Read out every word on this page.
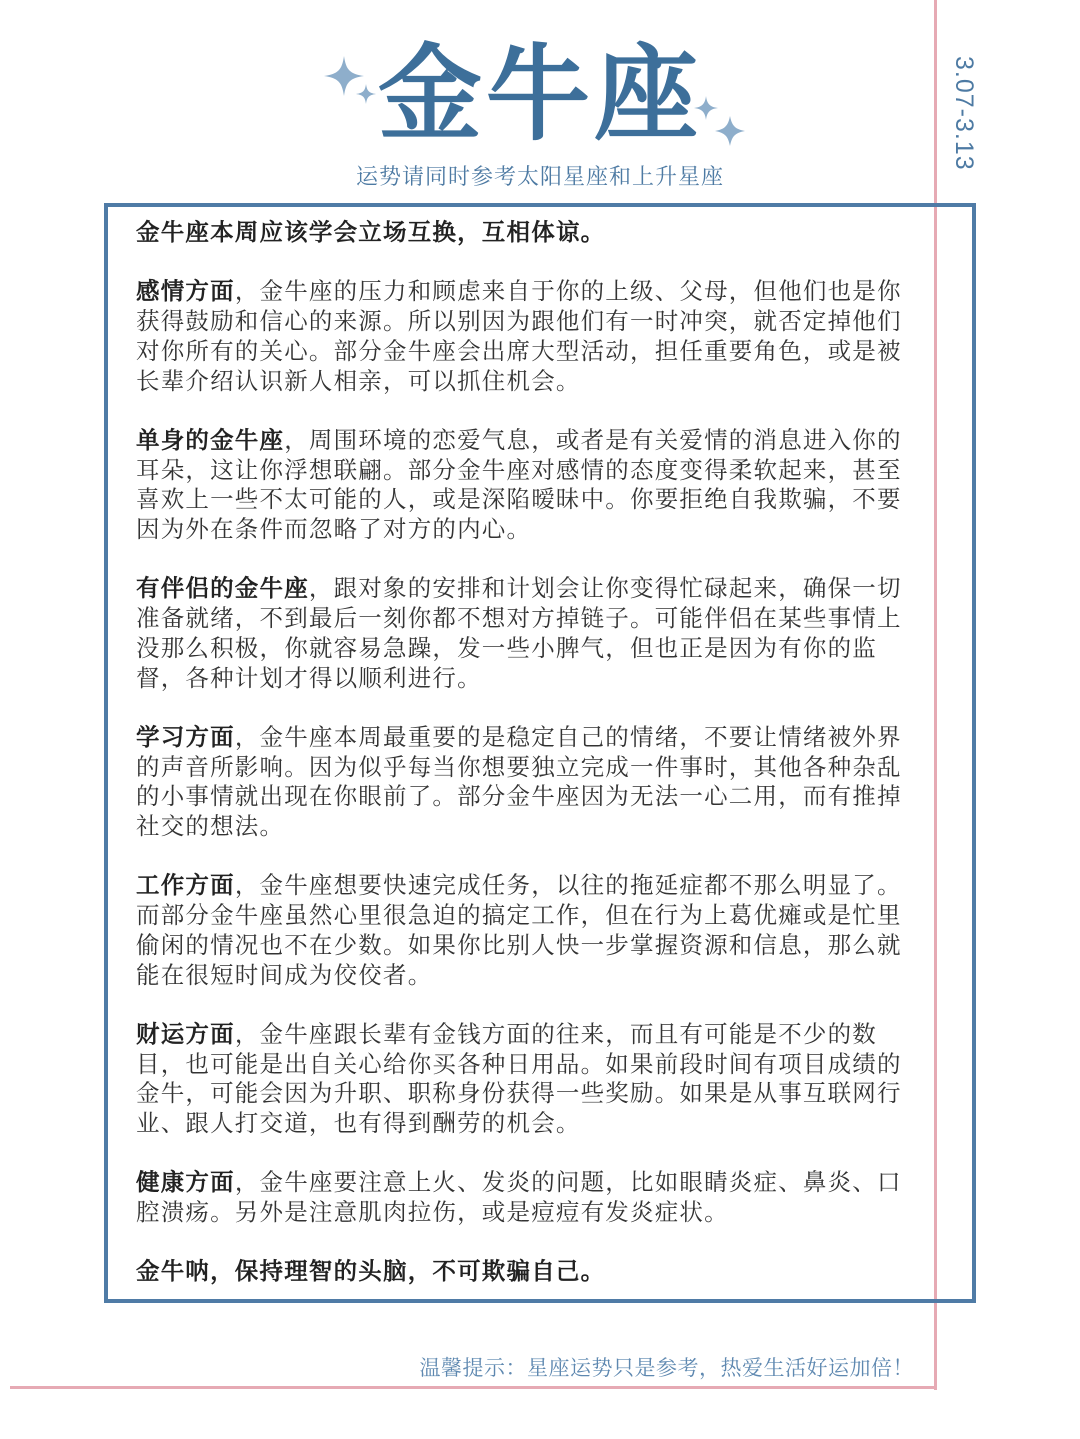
金牛座
运势请同时参考太阳星座和上升星座
3.07-3.13

金牛座本周应该学会立场互换，互相体谅。

感情方面，金牛座的压力和顾虑来自于你的上级、父母，但他们也是你获得鼓励和信心的来源。所以别因为跟他们有一时冲突，就否定掉他们对你所有的关心。部分金牛座会出席大型活动，担任重要角色，或是被长辈介绍认识新人相亲，可以抓住机会。

单身的金牛座，周围环境的恋爱气息，或者是有关爱情的消息进入你的耳朵，这让你浮想联翩。部分金牛座对感情的态度变得柔软起来，甚至喜欢上一些不太可能的人，或是深陷暧昧中。你要拒绝自我欺骗，不要因为外在条件而忽略了对方的内心。

有伴侣的金牛座，跟对象的安排和计划会让你变得忙碌起来，确保一切准备就绪，不到最后一刻你都不想对方掉链子。可能伴侣在某些事情上没那么积极，你就容易急躁，发一些小脾气，但也正是因为有你的监督，各种计划才得以顺利进行。

学习方面，金牛座本周最重要的是稳定自己的情绪，不要让情绪被外界的声音所影响。因为似乎每当你想要独立完成一件事时，其他各种杂乱的小事情就出现在你眼前了。部分金牛座因为无法一心二用，而有推掉社交的想法。

工作方面，金牛座想要快速完成任务，以往的拖延症都不那么明显了。而部分金牛座虽然心里很急迫的搞定工作，但在行为上葛优瘫或是忙里偷闲的情况也不在少数。如果你比别人快一步掌握资源和信息，那么就能在很短时间成为佼佼者。

财运方面，金牛座跟长辈有金钱方面的往来，而且有可能是不少的数目，也可能是出自关心给你买各种日用品。如果前段时间有项目成绩的金牛，可能会因为升职、职称身份获得一些奖励。如果是从事互联网行业、跟人打交道，也有得到酬劳的机会。

健康方面，金牛座要注意上火、发炎的问题，比如眼睛炎症、鼻炎、口腔溃疡。另外是注意肌肉拉伤，或是痘痘有发炎症状。

金牛呐，保持理智的头脑，不可欺骗自己。

温馨提示：星座运势只是参考，热爱生活好运加倍！
